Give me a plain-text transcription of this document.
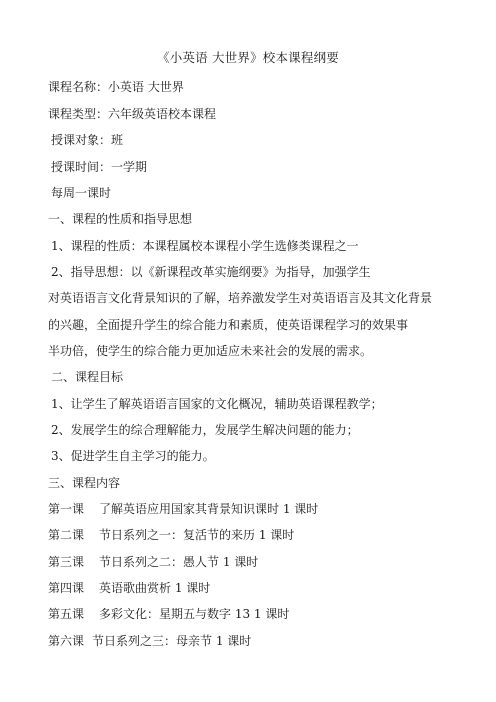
《小英语 大世界》校本课程纲要
课程名称：小英语 大世界
课程类型：六年级英语校本课程
授课对象：班
授课时间：一学期
每周一课时
一、课程的性质和指导思想
1、课程的性质：本课程属校本课程小学生选修类课程之一
2、指导思想：以《新课程改革实施纲要》为指导，加强学生
对英语语言文化背景知识的了解，培养激发学生对英语语言及其文化背景
的兴趣，全面提升学生的综合能力和素质，使英语课程学习的效果事
半功倍，使学生的综合能力更加适应未来社会的发展的需求。
二、课程目标
1、让学生了解英语语言国家的文化概况，辅助英语课程教学；
2、发展学生的综合理解能力，发展学生解决问题的能力；
3、促进学生自主学习的能力。
三、课程内容
第一课 了解英语应用国家其背景知识课时 1 课时
第二课 节日系列之一：复活节的来历 1 课时
第三课 节日系列之二：愚人节 1 课时
第四课 英语歌曲赏析 1 课时
第五课 多彩文化：星期五与数字 13 1 课时
第六课 节日系列之三：母亲节 1 课时
